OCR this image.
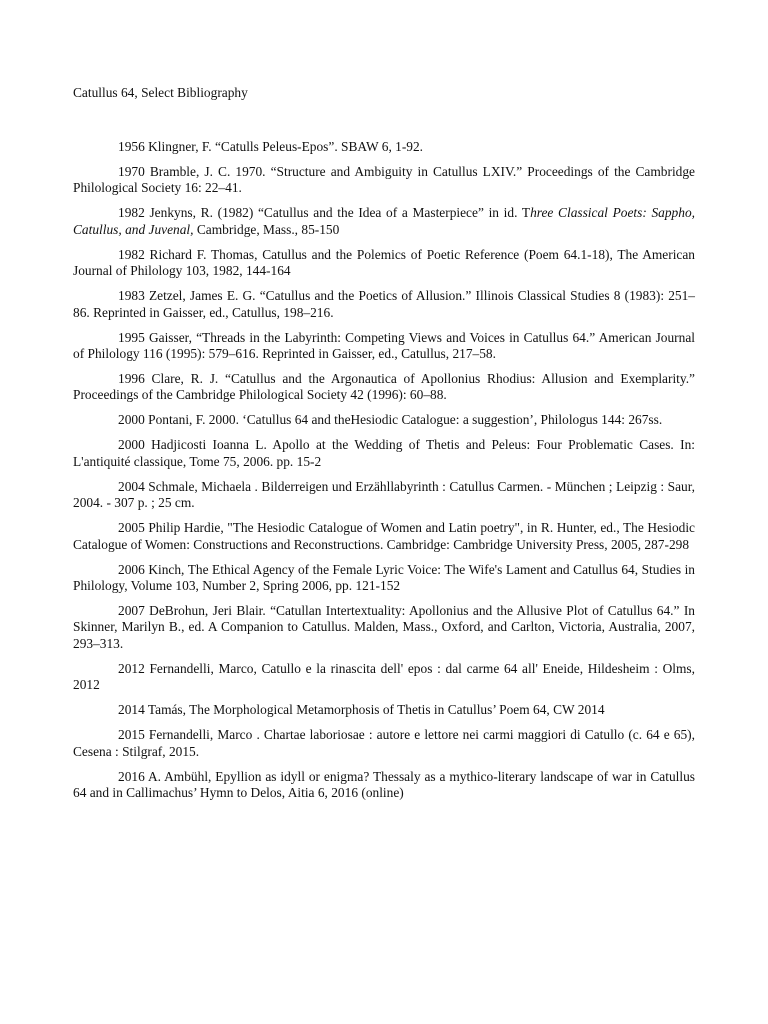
Catullus 64, Select Bibliography

1956 Klingner, F. “Catulls Peleus-Epos”. SBAW 6, 1-92.

1970 Bramble, J. C. 1970. “Structure and Ambiguity in Catullus LXIV.” Proceedings of the Cambridge Philological Society 16: 22–41.

1982 Jenkyns, R. (1982) “Catullus and the Idea of a Masterpiece” in id. Three Classical Poets: Sappho, Catullus, and Juvenal, Cambridge, Mass., 85-150

1982 Richard F. Thomas, Catullus and the Polemics of Poetic Reference (Poem 64.1-18), The American Journal of Philology 103, 1982, 144-164

1983 Zetzel, James E. G. “Catullus and the Poetics of Allusion.” Illinois Classical Studies 8 (1983): 251–86. Reprinted in Gaisser, ed., Catullus, 198–216.

1995 Gaisser, “Threads in the Labyrinth: Competing Views and Voices in Catullus 64.” American Journal of Philology 116 (1995): 579–616. Reprinted in Gaisser, ed., Catullus, 217–58.

1996 Clare, R. J. “Catullus and the Argonautica of Apollonius Rhodius: Allusion and Exemplarity.” Proceedings of the Cambridge Philological Society 42 (1996): 60–88.

2000 Pontani, F. 2000. ‘Catullus 64 and theHesiodic Catalogue: a suggestion’, Philologus 144: 267ss.

2000 Hadjicosti Ioanna L. Apollo at the Wedding of Thetis and Peleus: Four Problematic Cases. In: L'antiquité classique, Tome 75, 2006. pp. 15-2

2004 Schmale, Michaela . Bilderreigen und Erzähllabyrinth : Catullus Carmen. - München ; Leipzig : Saur, 2004. - 307 p. ; 25 cm.

2005 Philip Hardie, "The Hesiodic Catalogue of Women and Latin poetry", in R. Hunter, ed., The Hesiodic Catalogue of Women: Constructions and Reconstructions. Cambridge: Cambridge University Press, 2005, 287-298

2006 Kinch, The Ethical Agency of the Female Lyric Voice: The Wife's Lament and Catullus 64, Studies in Philology, Volume 103, Number 2, Spring 2006, pp. 121-152

2007 DeBrohun, Jeri Blair. “Catullan Intertextuality: Apollonius and the Allusive Plot of Catullus 64.” In Skinner, Marilyn B., ed. A Companion to Catullus. Malden, Mass., Oxford, and Carlton, Victoria, Australia, 2007, 293–313.

2012 Fernandelli, Marco, Catullo e la rinascita dell' epos : dal carme 64 all' Eneide, Hildesheim : Olms, 2012

2014 Tamás, The Morphological Metamorphosis of Thetis in Catullus’ Poem 64, CW 2014

2015 Fernandelli, Marco . Chartae laboriosae : autore e lettore nei carmi maggiori di Catullo (c. 64 e 65), Cesena : Stilgraf, 2015.

2016 A. Ambühl, Epyllion as idyll or enigma? Thessaly as a mythico-literary landscape of war in Catullus 64 and in Callimachus’ Hymn to Delos, Aitia 6, 2016 (online)
